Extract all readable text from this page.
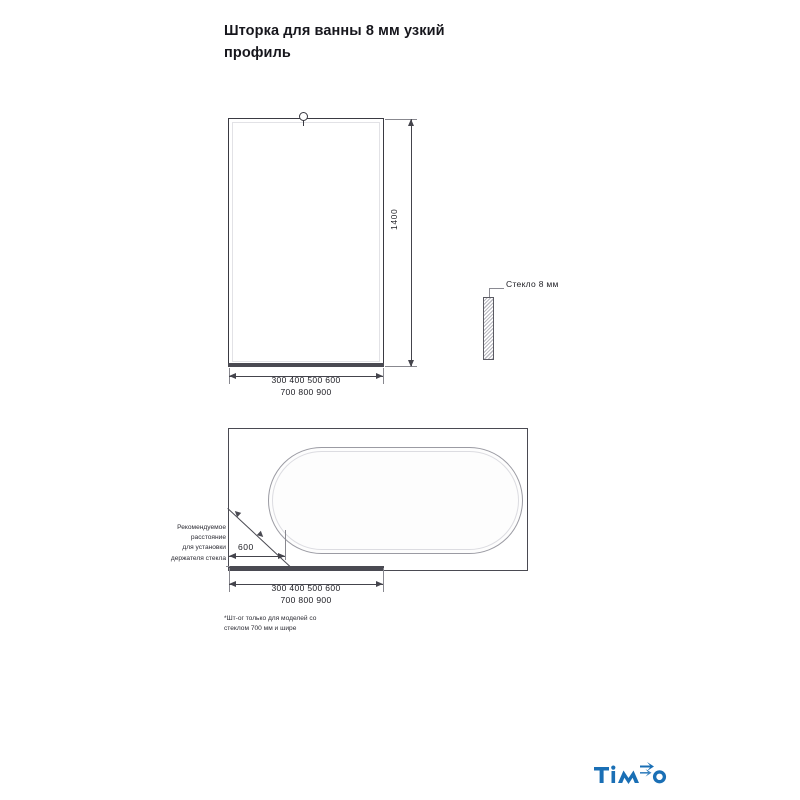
Шторка для ванны 8 мм узкий
профиль
1400
300 400 500 600
700 800 900
Стекло 8 мм
600
Рекомендуемое
расстояние
для установки
держателя стекла
300 400 500 600
700 800 900
*Шт-ог только для моделей со
стеклом 700 мм и шире
